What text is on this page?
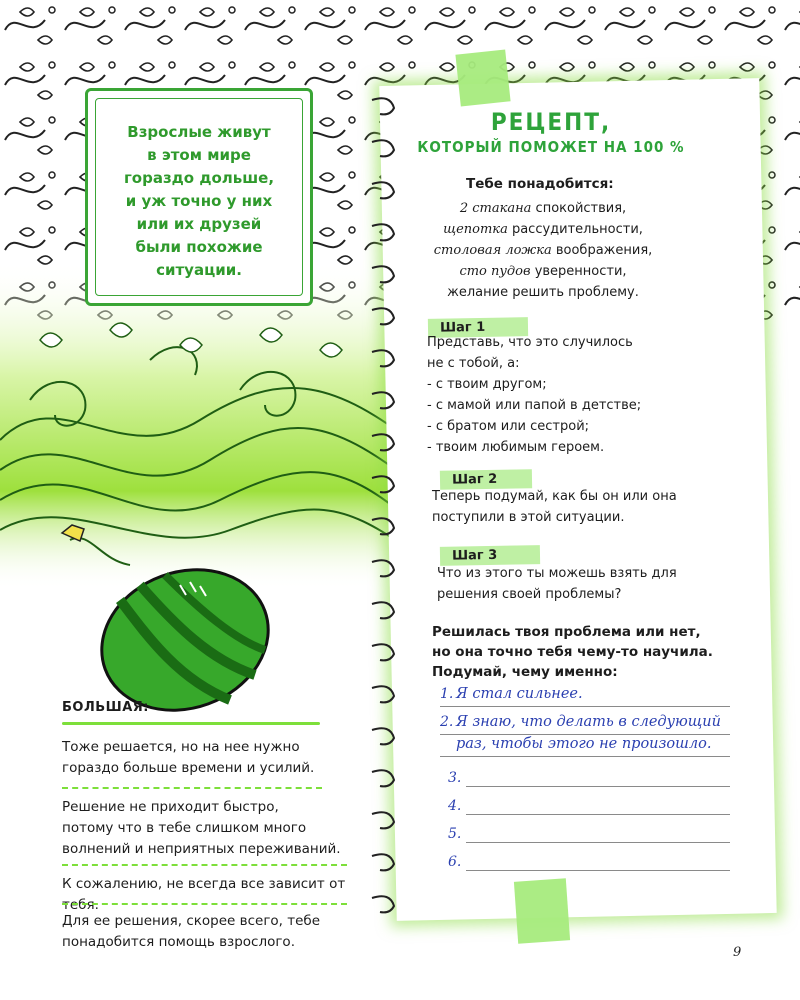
Взрослые живут
в этом мире
гораздо дольше,
и уж точно у них
или их друзей
были похожие
ситуации.
БОЛЬШАЯ:
Тоже решается, но на нее нужно
гораздо больше времени и усилий.
Решение не приходит быстро,
потому что в тебе слишком много
волнений и неприятных переживаний.
К сожалению, не всегда все зависит от тебя.
Для ее решения, скорее всего, тебе
понадобится помощь взрослого.
РЕЦЕПТ,
КОТОРЫЙ ПОМОЖЕТ НА 100 %
Тебе понадобится:
2 стакана спокойствия,
щепотка рассудительности,
столовая ложка воображения,
сто пудов уверенности,
желание решить проблему.
Шаг 1
Представь, что это случилось
не с тобой, а:
- с твоим другом;
- с мамой или папой в детстве;
- с братом или сестрой;
- твоим любимым героем.
Шаг 2
Теперь подумай, как бы он или она
поступили в этой ситуации.
Шаг 3
Что из этого ты можешь взять для
решения своей проблемы?
Решилась твоя проблема или нет,
но она точно тебя чему-то научила.
Подумай, чему именно:
1. Я стал сильнее.
2. Я знаю, что делать в следующий
раз, чтобы этого не произошло.
3.
4.
5.
6.
9
